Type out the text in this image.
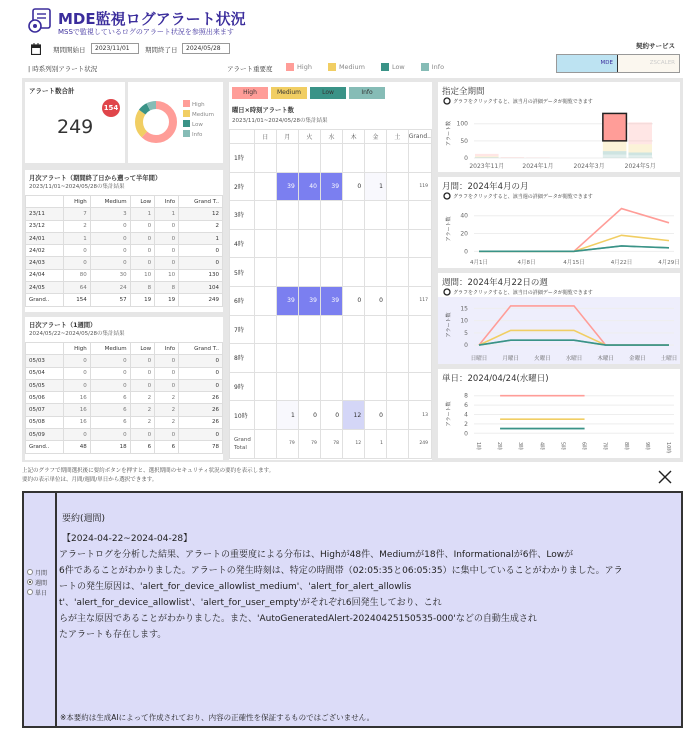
MDE監視ログアラート状況
MSSで監視しているログのアラート状況を参照出来ます
期間開始日	2023/11/01	期間終了日	2024/05/28
| 時系列別アラート状況	アラート重要度	High	Medium	Low	Info
契約サービス
MDE	ZSCALER
アラート数合計
249
154	High
Medium
Low
Info
月次アラート（期間終了日から遡って半年間）
2023/11/01~2024/05/28の集計結果
	High	Medium	Low	Info	Grand T..
23/11	7	3	1	1	12
23/12	2	0	0	0	2
24/01	1	0	0	0	1
24/02	0	0	0	0	0
24/03	0	0	0	0	0
24/04	80	30	10	10	130
24/05	64	24	8	8	104
Grand..	154	57	19	19	249
日次アラート（1週間）
2024/05/22~2024/05/28の集計結果
	High	Medium	Low	Info	Grand T..
05/03	0	0	0	0	0
05/04	0	0	0	0	0
05/05	0	0	0	0	0
05/06	16	6	2	2	26
05/07	16	6	2	2	26
05/08	16	6	2	2	26
05/09	0	0	0	0	0
Grand..	48	18	6	6	78
High	Medium	Low	Info
曜日×時刻アラート数
2023/11/01~2024/05/28の集計結果
	日	月	火	水	木	金	土	Grand..
1時								
2時		39	40	39	0	1		119
3時								
4時								
5時								
6時		39	39	39	0	0		117
7時								
8時								
9時								
10時		1	0	0	12	0		13
Grand Total		79	79	78	12	1		249
指定全期間
グラフをクリックすると、該当月の詳細データが閲覧できます
アラート数
0
50
100
2023年11月	2024年1月	2024年3月	2024年5月
月間：2024年4月の月
グラフをクリックすると、該当週の詳細データが閲覧できます
アラート数
0
20
40
4月1日	4月8日	4月15日	4月22日	4月29日
週間：2024年4月22日の週
グラフをクリックすると、該当日の詳細データが閲覧できます
アラート数
0
5
10
15
日曜日	月曜日	火曜日	水曜日	木曜日	金曜日	土曜日
単日：2024/04/24(水曜日)
アラート数
0
2
4
6
8
1時	2時	3時	4時	5時	6時	7時	8時	9時	10時
上記のグラフで期間選択後に要約ボタンを押すと、選択期間のセキュリティ状況の要約を表示します。
要約の表示単位は、月間/週間/単日から選択できます。
月間
週間
単日
要約(週間)
【2024-04-22~2024-04-28】
アラートログを分析した結果、アラートの重要度による分布は、Highが48件、Mediumが18件、Informationalが6件、Lowが
6件であることがわかりました。アラートの発生時刻は、特定の時間帯（02:05:35と06:05:35）に集中していることがわかりました。アラ
ートの発生原因は、'alert_for_device_allowlist_medium'、'alert_for_alert_allowlis
t'、'alert_for_device_allowlist'、'alert_for_user_empty'がそれぞれ6回発生しており、これ
らが主な原因であることがわかりました。また、'AutoGeneratedAlert-20240425150535-000'などの自動生成され
たアラートも存在します。
※本要約は生成AIによって作成されており、内容の正確性を保証するものではございません。
